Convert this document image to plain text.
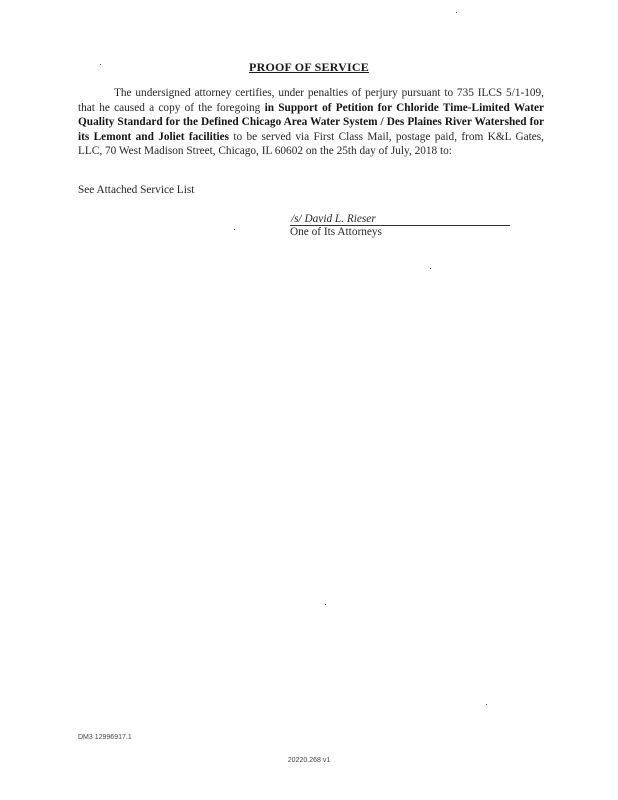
PROOF OF SERVICE
The undersigned attorney certifies, under penalties of perjury pursuant to 735 ILCS 5/1-109, that he caused a copy of the foregoing in Support of Petition for Chloride Time-Limited Water Quality Standard for the Defined Chicago Area Water System / Des Plaines River Watershed for its Lemont and Joliet facilities to be served via First Class Mail, postage paid, from K&L Gates, LLC, 70 West Madison Street, Chicago, IL 60602 on the 25th day of July, 2018 to:
See Attached Service List
/s/ David L. Rieser
One of Its Attorneys
DM3 12996917.1
20220.268 v1
